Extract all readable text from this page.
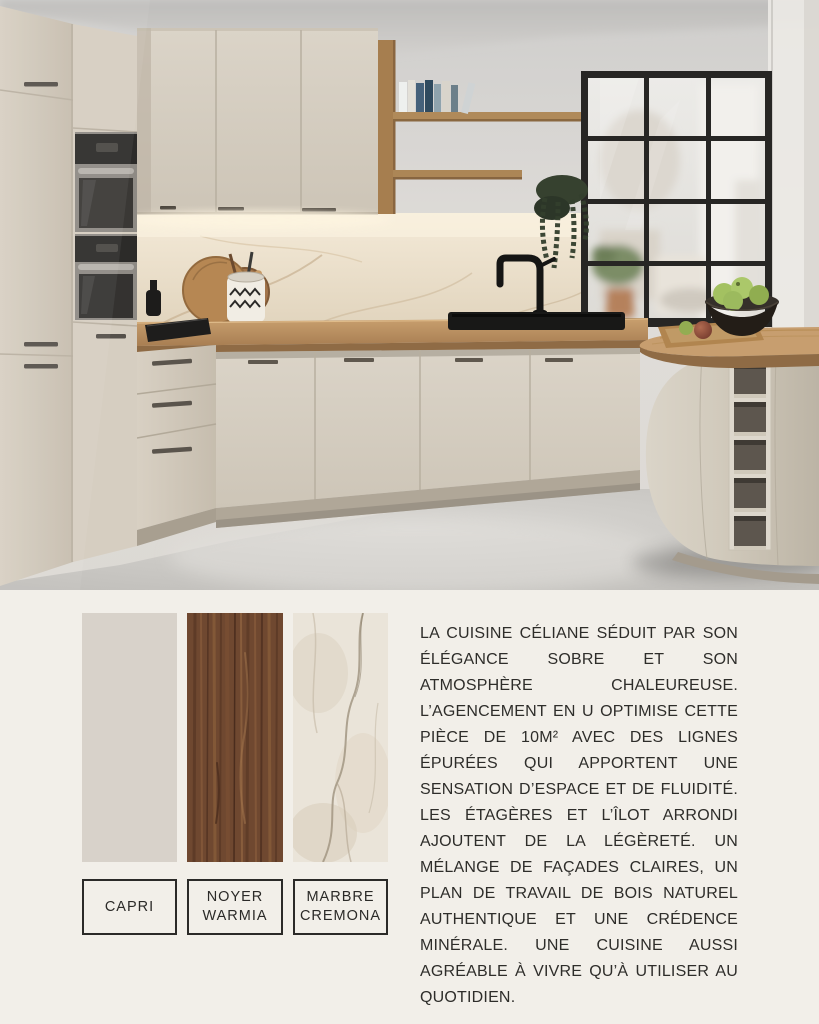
CAPRI
NOYER WARMIA
MARBRE CREMONA

LA CUISINE CÉLIANE SÉDUIT PAR SON ÉLÉGANCE SOBRE ET SON ATMOSPHÈRE CHALEUREUSE. L’AGENCEMENT EN U OPTIMISE CETTE PIÈCE DE 10M² AVEC DES LIGNES ÉPURÉES QUI APPORTENT UNE SENSATION D’ESPACE ET DE FLUIDITÉ. LES ÉTAGÈRES ET L’ÎLOT ARRONDI AJOUTENT DE LA LÉGÈRETÉ. UN MÉLANGE DE FAÇADES CLAIRES, UN PLAN DE TRAVAIL DE BOIS NATUREL AUTHENTIQUE ET UNE CRÉDENCE MINÉRALE. UNE CUISINE AUSSI AGRÉABLE À VIVRE QU’À UTILISER AU QUOTIDIEN.
